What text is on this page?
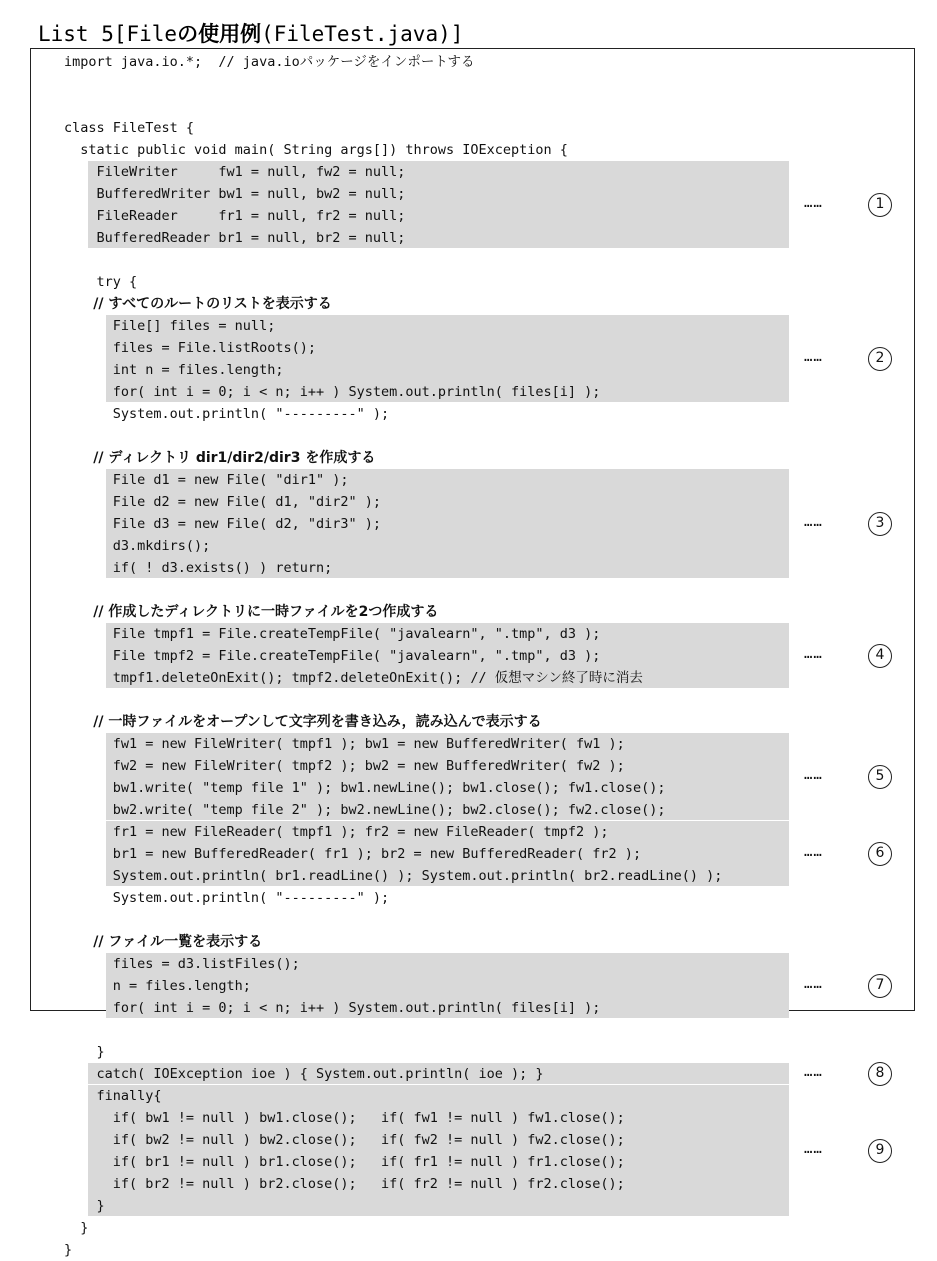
List 5[Fileの使用例(FileTest.java)]
import java.io.*;  // java.ioパッケージをインポートする
class FileTest {
static public void main( String args[]) throws IOException {
FileWriter     fw1 = null, fw2 = null;
BufferedWriter bw1 = null, bw2 = null;
FileReader     fr1 = null, fr2 = null;
BufferedReader br1 = null, br2 = null;
try {
// すべてのルートのリストを表示する
File[] files = null;
files = File.listRoots();
int n = files.length;
for( int i = 0; i < n; i++ ) System.out.println( files[i] );
System.out.println( "---------" );
// ディレクトリ dir1/dir2/dir3 を作成する
File d1 = new File( "dir1" );
File d2 = new File( d1, "dir2" );
File d3 = new File( d2, "dir3" );
d3.mkdirs();
if( ! d3.exists() ) return;
// 作成したディレクトリに一時ファイルを2つ作成する
File tmpf1 = File.createTempFile( "javalearn", ".tmp", d3 );
File tmpf2 = File.createTempFile( "javalearn", ".tmp", d3 );
tmpf1.deleteOnExit(); tmpf2.deleteOnExit(); // 仮想マシン終了時に消去
// 一時ファイルをオープンして文字列を書き込み，読み込んで表示する
fw1 = new FileWriter( tmpf1 ); bw1 = new BufferedWriter( fw1 );
fw2 = new FileWriter( tmpf2 ); bw2 = new BufferedWriter( fw2 );
bw1.write( "temp file 1" ); bw1.newLine(); bw1.close(); fw1.close();
bw2.write( "temp file 2" ); bw2.newLine(); bw2.close(); fw2.close();
fr1 = new FileReader( tmpf1 ); fr2 = new FileReader( tmpf2 );
br1 = new BufferedReader( fr1 ); br2 = new BufferedReader( fr2 );
System.out.println( br1.readLine() ); System.out.println( br2.readLine() );
System.out.println( "---------" );
// ファイル一覧を表示する
files = d3.listFiles();
n = files.length;
for( int i = 0; i < n; i++ ) System.out.println( files[i] );
}
catch( IOException ioe ) { System.out.println( ioe ); }
finally{
if( bw1 != null ) bw1.close();   if( fw1 != null ) fw1.close();
if( bw2 != null ) bw2.close();   if( fw2 != null ) fw2.close();
if( br1 != null ) br1.close();   if( fr1 != null ) fr1.close();
if( br2 != null ) br2.close();   if( fr2 != null ) fr2.close();
}
}
}
……	1
……	2
……	3
……	4
……	5
……	6
……	7
……	8
……	9
